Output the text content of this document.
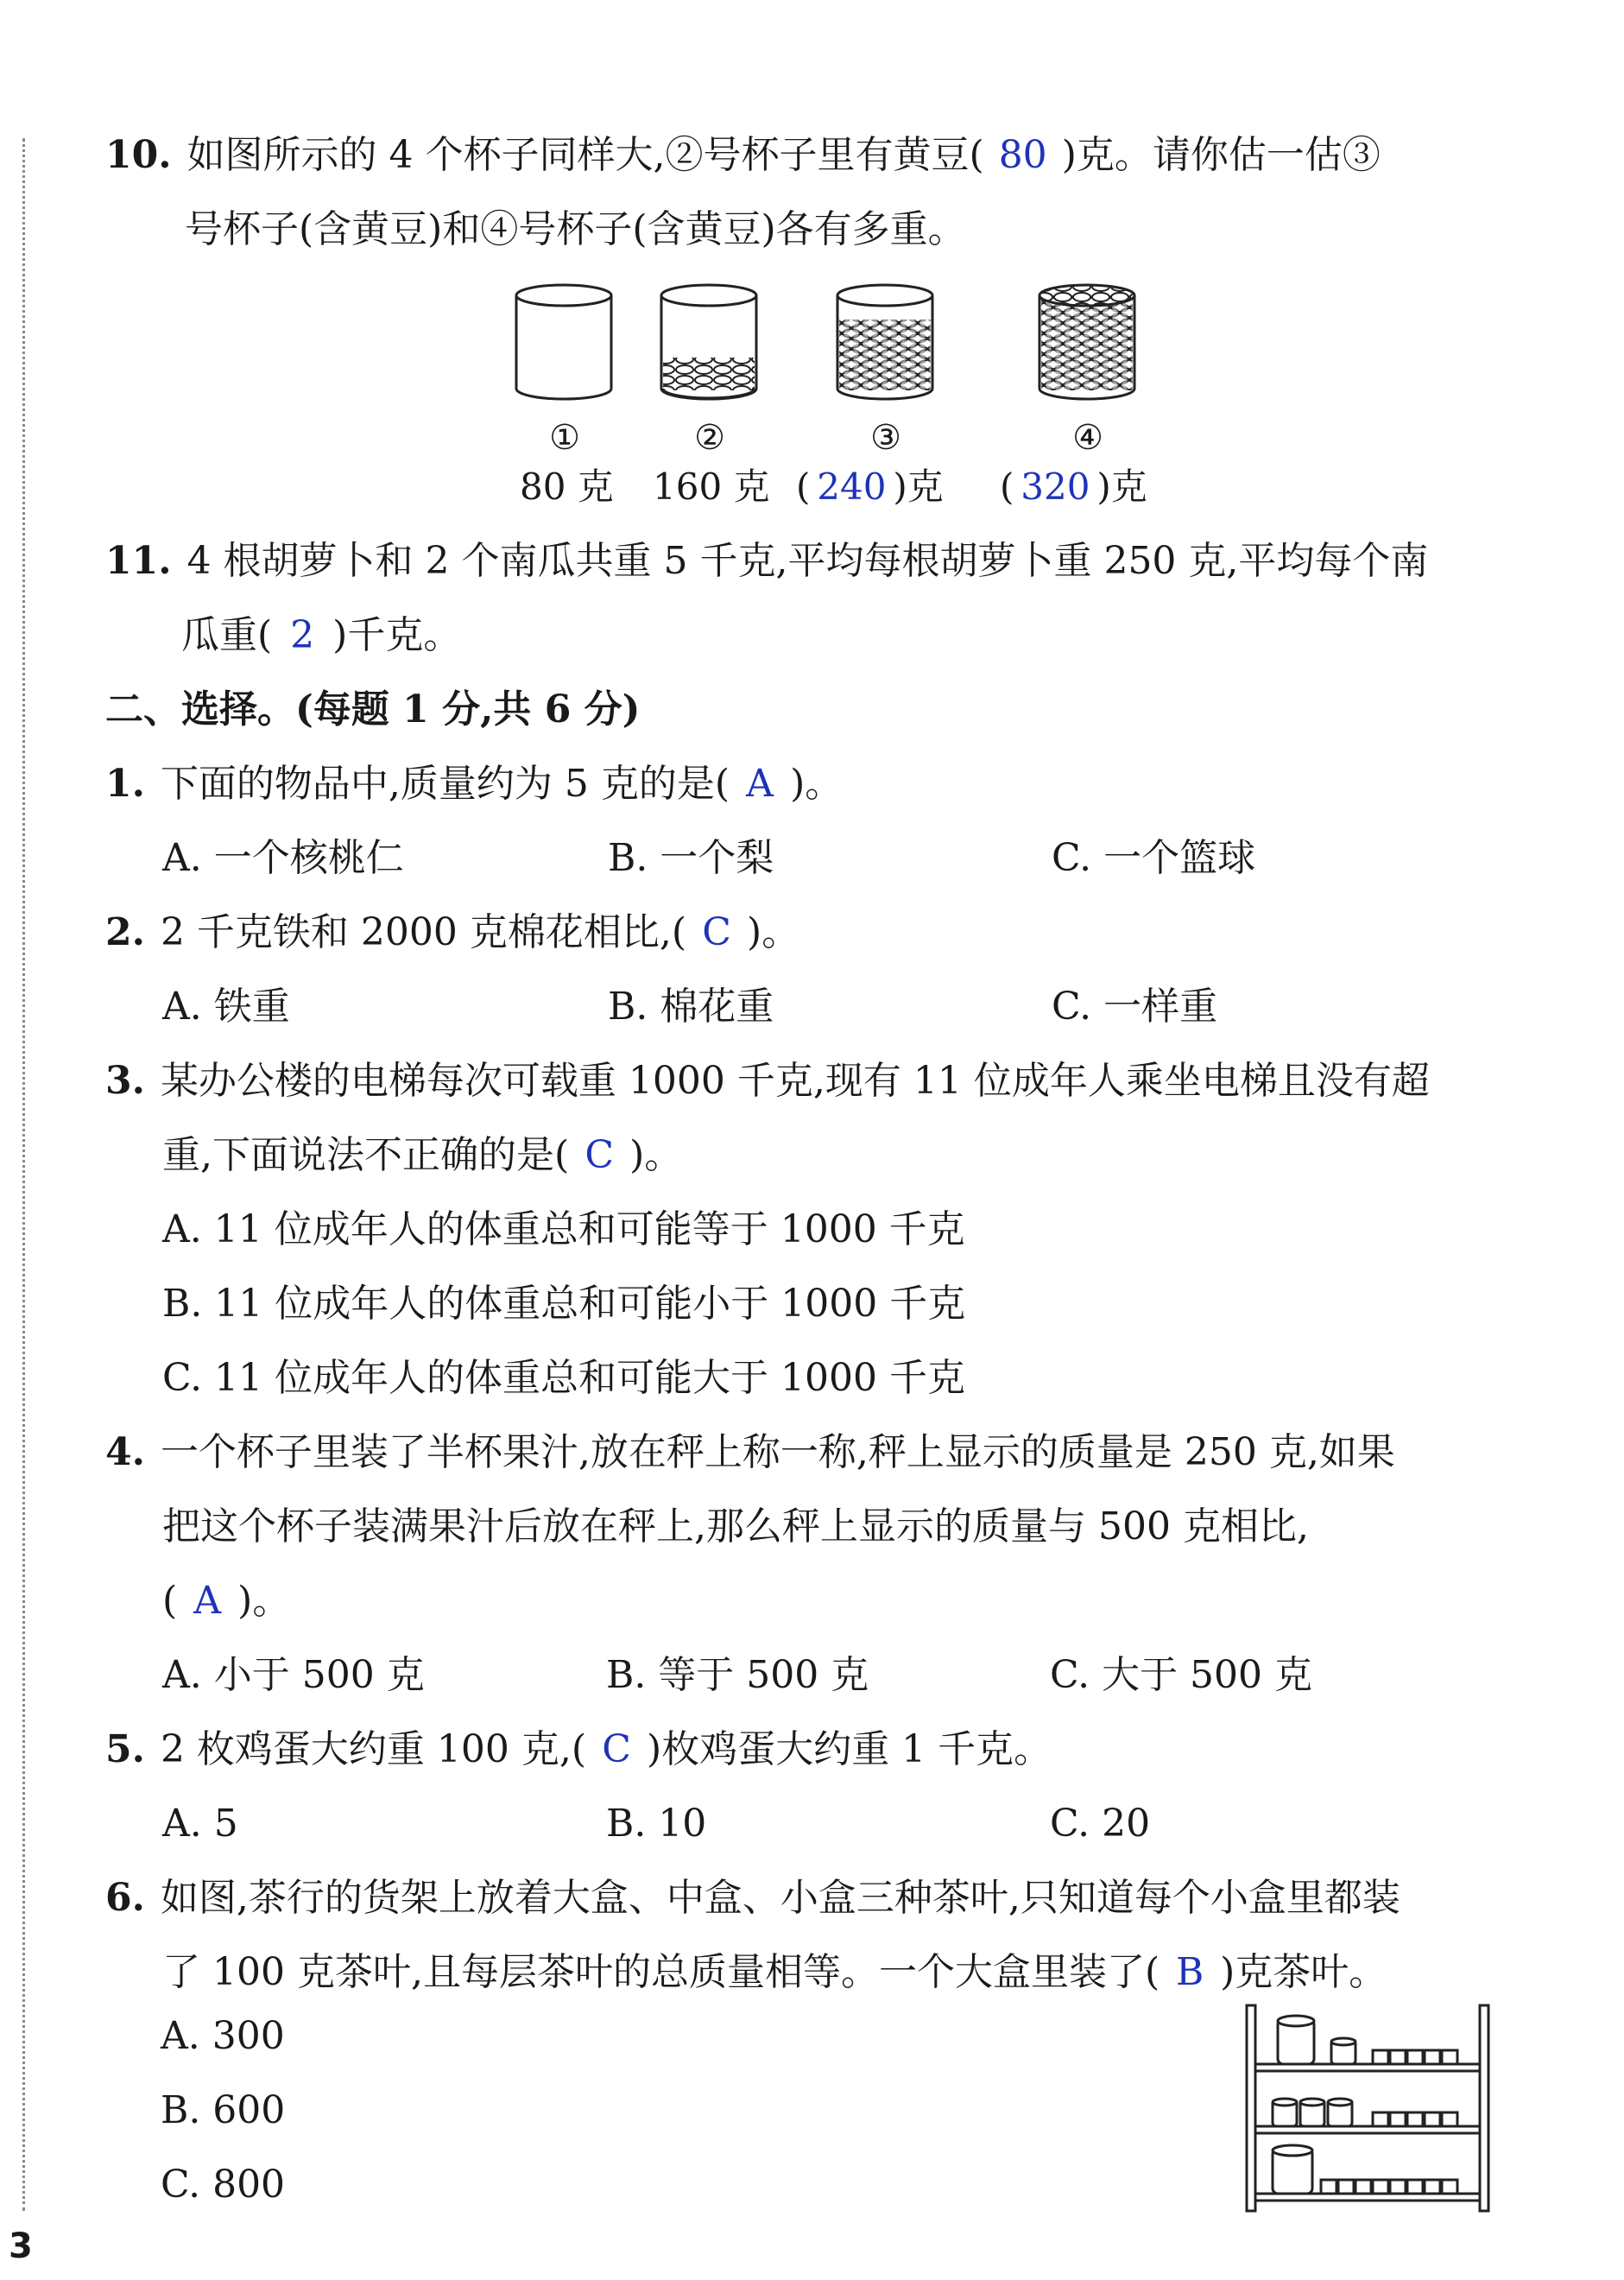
10. 如图所示的 4 个杯子同样大,②号杯子里有黄豆( 80 )克。请你估一估③
号杯子(含黄豆)和④号杯子(含黄豆)各有多重。
①	②	③	④
80 克 160 克 ( 240 )克 ( 320 )克
11. 4 根胡萝卜和 2 个南瓜共重 5 千克,平均每根胡萝卜重 250 克,平均每个南
瓜重( 2 )千克。
二、选择。(每题 1 分,共 6 分)
1. 下面的物品中,质量约为 5 克的是( A )。
A. 一个核桃仁	B. 一个梨	C. 一个篮球
2. 2 千克铁和 2000 克棉花相比,( C )。
A. 铁重	B. 棉花重	C. 一样重
3. 某办公楼的电梯每次可载重 1000 千克,现有 11 位成年人乘坐电梯且没有超
重,下面说法不正确的是( C )。
A. 11 位成年人的体重总和可能等于 1000 千克
B. 11 位成年人的体重总和可能小于 1000 千克
C. 11 位成年人的体重总和可能大于 1000 千克
4. 一个杯子里装了半杯果汁,放在秤上称一称,秤上显示的质量是 250 克,如果
把这个杯子装满果汁后放在秤上,那么秤上显示的质量与 500 克相比,
( A )。
A. 小于 500 克	B. 等于 500 克	C. 大于 500 克
5. 2 枚鸡蛋大约重 100 克,( C )枚鸡蛋大约重 1 千克。
A. 5	B. 10	C. 20
6. 如图,茶行的货架上放着大盒、中盒、小盒三种茶叶,只知道每个小盒里都装
了 100 克茶叶,且每层茶叶的总质量相等。一个大盒里装了( B )克茶叶。
A. 300
B. 600
C. 800
3
